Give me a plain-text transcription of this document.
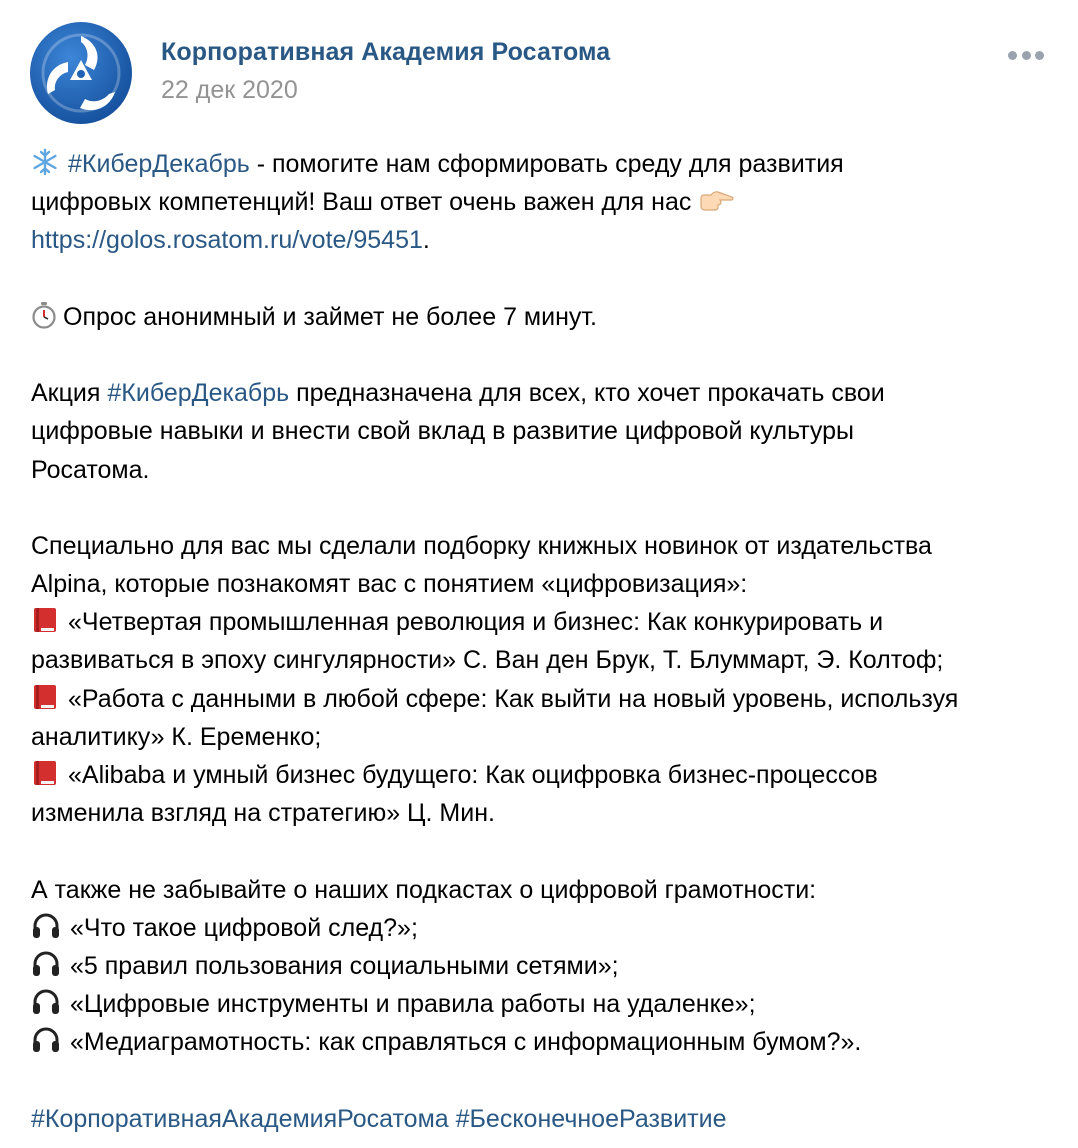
Корпоративная Академия Росатома
22 дек 2020
#КиберДекабрь - помогите нам сформировать среду для развития
цифровых компетенций! Ваш ответ очень важен для нас
https://golos.rosatom.ru/vote/95451.
Опрос анонимный и займет не более 7 минут.
Акция #КиберДекабрь предназначена для всех, кто хочет прокачать свои
цифровые навыки и внести свой вклад в развитие цифровой культуры
Росатома.
Специально для вас мы сделали подборку книжных новинок от издательства
Alpina, которые познакомят вас с понятием «цифровизация»:
«Четвертая промышленная революция и бизнес: Как конкурировать и
развиваться в эпоху сингулярности» С. Ван ден Брук, Т. Блуммарт, Э. Колтоф;
«Работа с данными в любой сфере: Как выйти на новый уровень, используя
аналитику» К. Еременко;
«Alibaba и умный бизнес будущего: Как оцифровка бизнес-процессов
изменила взгляд на стратегию» Ц. Мин.
А также не забывайте о наших подкастах о цифровой грамотности:
«Что такое цифровой след?»;
«5 правил пользования социальными сетями»;
«Цифровые инструменты и правила работы на удаленке»;
«Медиаграмотность: как справляться с информационным бумом?».
#КорпоративнаяАкадемияРосатома #БесконечноеРазвитие
